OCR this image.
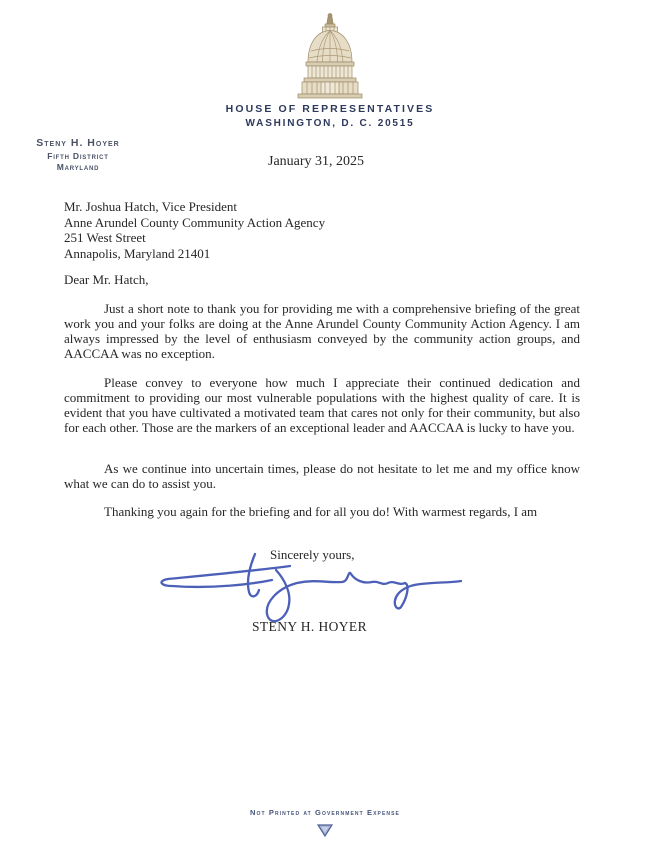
HOUSE OF REPRESENTATIVES
WASHINGTON, D. C. 20515
Steny H. Hoyer
Fifth District
Maryland	January 31, 2025
Mr. Joshua Hatch, Vice President
Anne Arundel County Community Action Agency
251 West Street
Annapolis, Maryland 21401
Dear Mr. Hatch,
Just a short note to thank you for providing me with a comprehensive briefing of the great work you and your folks are doing at the Anne Arundel County Community Action Agency. I am always impressed by the level of enthusiasm conveyed by the community action groups, and AACCAA was no exception.
Please convey to everyone how much I appreciate their continued dedication and commitment to providing our most vulnerable populations with the highest quality of care. It is evident that you have cultivated a motivated team that cares not only for their community, but also for each other. Those are the markers of an exceptional leader and AACCAA is lucky to have you.
As we continue into uncertain times, please do not hesitate to let me and my office know what we can do to assist you.
Thanking you again for the briefing and for all you do! With warmest regards, I am
Sincerely yours,
STENY H. HOYER
Not Printed at Government Expense
